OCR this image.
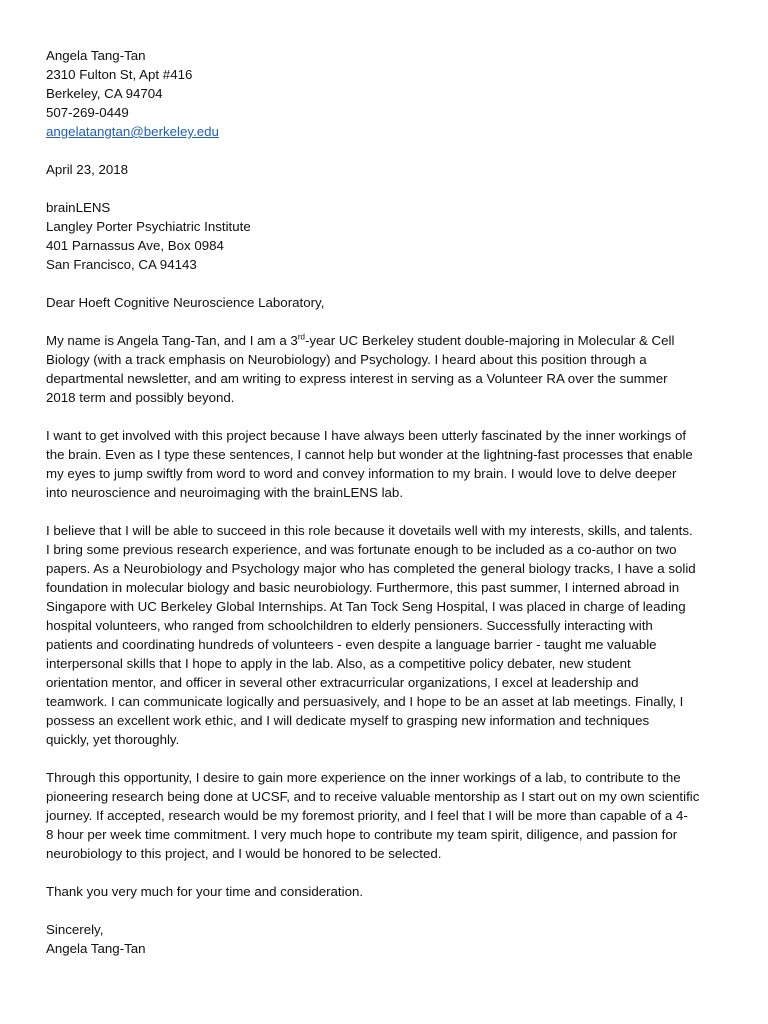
Angela Tang-Tan
2310 Fulton St, Apt #416
Berkeley, CA 94704
507-269-0449
angelatangtan@berkeley.edu
April 23, 2018
brainLENS
Langley Porter Psychiatric Institute
401 Parnassus Ave, Box 0984
San Francisco, CA 94143
Dear Hoeft Cognitive Neuroscience Laboratory,
My name is Angela Tang-Tan, and I am a 3rd-year UC Berkeley student double-majoring in Molecular & Cell
Biology (with a track emphasis on Neurobiology) and Psychology. I heard about this position through a
departmental newsletter, and am writing to express interest in serving as a Volunteer RA over the summer
2018 term and possibly beyond.
I want to get involved with this project because I have always been utterly fascinated by the inner workings of
the brain. Even as I type these sentences, I cannot help but wonder at the lightning-fast processes that enable
my eyes to jump swiftly from word to word and convey information to my brain. I would love to delve deeper
into neuroscience and neuroimaging with the brainLENS lab.
I believe that I will be able to succeed in this role because it dovetails well with my interests, skills, and talents.
I bring some previous research experience, and was fortunate enough to be included as a co-author on two
papers. As a Neurobiology and Psychology major who has completed the general biology tracks, I have a solid
foundation in molecular biology and basic neurobiology. Furthermore, this past summer, I interned abroad in
Singapore with UC Berkeley Global Internships. At Tan Tock Seng Hospital, I was placed in charge of leading
hospital volunteers, who ranged from schoolchildren to elderly pensioners. Successfully interacting with
patients and coordinating hundreds of volunteers - even despite a language barrier - taught me valuable
interpersonal skills that I hope to apply in the lab. Also, as a competitive policy debater, new student
orientation mentor, and officer in several other extracurricular organizations, I excel at leadership and
teamwork. I can communicate logically and persuasively, and I hope to be an asset at lab meetings. Finally, I
possess an excellent work ethic, and I will dedicate myself to grasping new information and techniques
quickly, yet thoroughly.
Through this opportunity, I desire to gain more experience on the inner workings of a lab, to contribute to the
pioneering research being done at UCSF, and to receive valuable mentorship as I start out on my own scientific
journey. If accepted, research would be my foremost priority, and I feel that I will be more than capable of a 4-
8 hour per week time commitment. I very much hope to contribute my team spirit, diligence, and passion for
neurobiology to this project, and I would be honored to be selected.
Thank you very much for your time and consideration.
Sincerely,
Angela Tang-Tan
